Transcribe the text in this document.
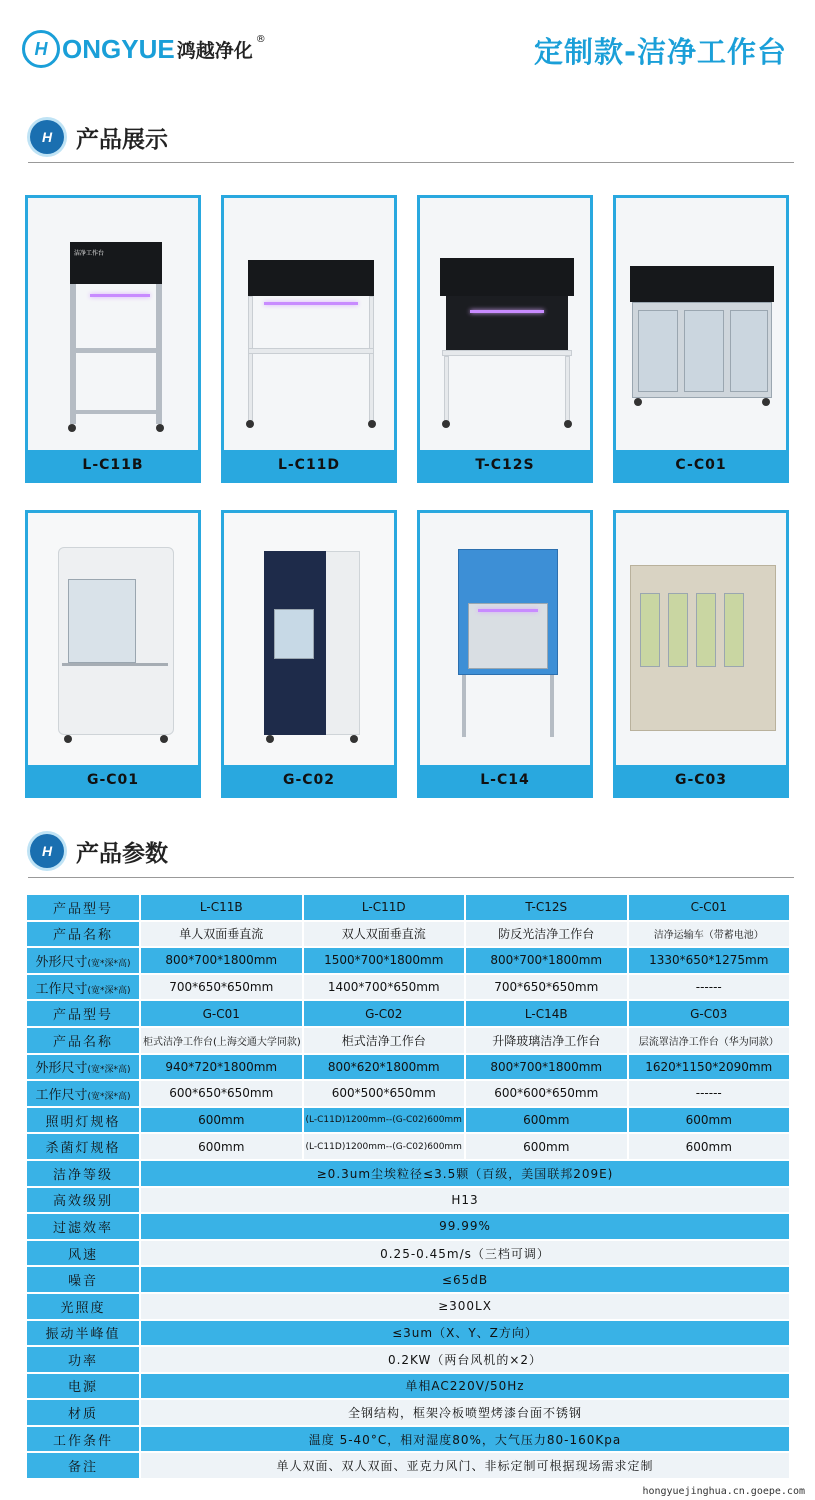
H ONGYUE 鸿越净化 ®	定制款-洁净工作台
H	产品展示
洁净工作台
L-C11B	L-C11D	T-C12S	C-C01
G-C01	G-C02	L-C14	G-C03
H	产品参数
产品型号	L-C11B	L-C11D	T-C12S	C-C01
产品名称	单人双面垂直流	双人双面垂直流	防反光洁净工作台	洁净运输车（带蓄电池）
外形尺寸(宽*深*高)	800*700*1800mm	1500*700*1800mm	800*700*1800mm	1330*650*1275mm
工作尺寸(宽*深*高)	700*650*650mm	1400*700*650mm	700*650*650mm	------
产品型号	G-C01	G-C02	L-C14B	G-C03
产品名称	柜式洁净工作台(上海交通大学同款)	柜式洁净工作台	升降玻璃洁净工作台	层流罩洁净工作台（华为同款）
外形尺寸(宽*深*高)	940*720*1800mm	800*620*1800mm	800*700*1800mm	1620*1150*2090mm
工作尺寸(宽*深*高)	600*650*650mm	600*500*650mm	600*600*650mm	------
照明灯规格	600mm	(L-C11D)1200mm--(G-C02)600mm	600mm	600mm
杀菌灯规格	600mm	(L-C11D)1200mm--(G-C02)600mm	600mm	600mm
洁净等级	≥0.3um尘埃粒径≤3.5颗（百级，美国联邦209E)			
高效级别	H13			
过滤效率	99.99%			
风速	0.25-0.45m/s（三档可调）			
噪音	≤65dB			
光照度	≥300LX			
振动半峰值	≤3um（X、Y、Z方向）			
功率	0.2KW（两台风机的×2）			
电源	单相AC220V/50Hz			
材质	全钢结构，框架冷板喷塑烤漆台面不锈钢			
工作条件	温度 5-40°C，相对湿度80%，大气压力80-160Kpa			
备注	单人双面、双人双面、亚克力风门、非标定制可根据现场需求定制			
hongyuejinghua.cn.goepe.com
